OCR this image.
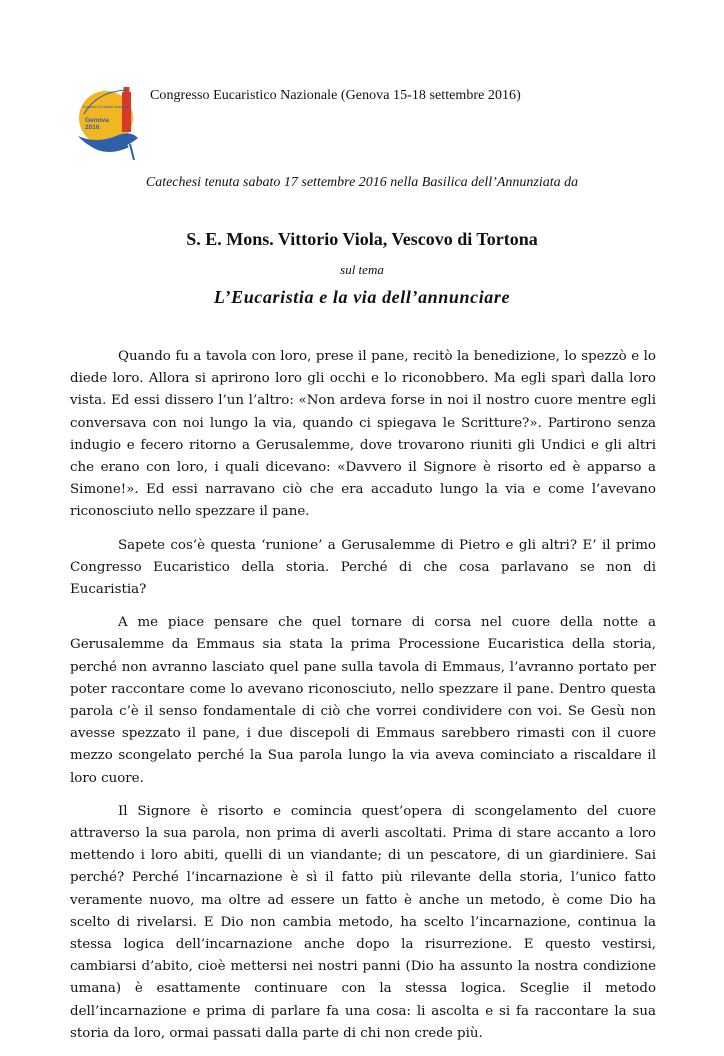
Genova
2016
Congresso Eucaristico Nazionale
Congresso Eucaristico Nazionale (Genova 15-18 settembre 2016)
Catechesi tenuta sabato 17 settembre 2016 nella Basilica dell’Annunziata da
S. E. Mons. Vittorio Viola, Vescovo di Tortona
sul tema
L’Eucaristia e la via dell’annunciare

Quando fu a tavola con loro, prese il pane, recitò la benedizione, lo spezzò e lo diede loro. Allora si aprirono loro gli occhi e lo riconobbero. Ma egli sparì dalla loro vista. Ed essi dissero l’un l’altro: «Non ardeva forse in noi il nostro cuore mentre egli conversava con noi lungo la via, quando ci spiegava le Scritture?». Partirono senza indugio e fecero ritorno a Gerusalemme, dove trovarono riuniti gli Undici e gli altri che erano con loro, i quali dicevano: «Davvero il Signore è risorto ed è apparso a Simone!». Ed essi narravano ciò che era accaduto lungo la via e come l’avevano riconosciuto nello spezzare il pane.

Sapete cos’è questa ‘runione’ a Gerusalemme di Pietro e gli altri? E’ il primo Congresso Eucaristico della storia. Perché di che cosa parlavano se non di Eucaristia?

A me piace pensare che quel tornare di corsa nel cuore della notte a Gerusalemme da Emmaus sia stata la prima Processione Eucaristica della storia, perché non avranno lasciato quel pane sulla tavola di Emmaus, l’avranno portato per poter raccontare come lo avevano riconosciuto, nello spezzare il pane. Dentro questa parola c’è il senso fondamentale di ciò che vorrei condividere con voi. Se Gesù non avesse spezzato il pane, i due discepoli di Emmaus sarebbero rimasti con il cuore mezzo scongelato perché la Sua parola lungo la via aveva cominciato a riscaldare il loro cuore.

Il Signore è risorto e comincia quest’opera di scongelamento del cuore attraverso la sua parola, non prima di averli ascoltati. Prima di stare accanto a loro mettendo i loro abiti, quelli di un viandante; di un pescatore, di un giardiniere. Sai perché? Perché l’incarnazione è sì il fatto più rilevante della storia, l’unico fatto veramente nuovo, ma oltre ad essere un fatto è anche un metodo, è come Dio ha scelto di rivelarsi. E Dio non cambia metodo, ha scelto l’incarnazione, continua la stessa logica dell’incarnazione anche dopo la risurrezione. E questo vestirsi, cambiarsi d’abito, cioè mettersi nei nostri panni (Dio ha assunto la nostra condizione umana) è esattamente continuare con la stessa logica. Sceglie il metodo dell’incarnazione e prima di parlare fa una cosa: li ascolta e si fa raccontare la sua storia da loro, ormai passati dalla parte di chi non crede più.
